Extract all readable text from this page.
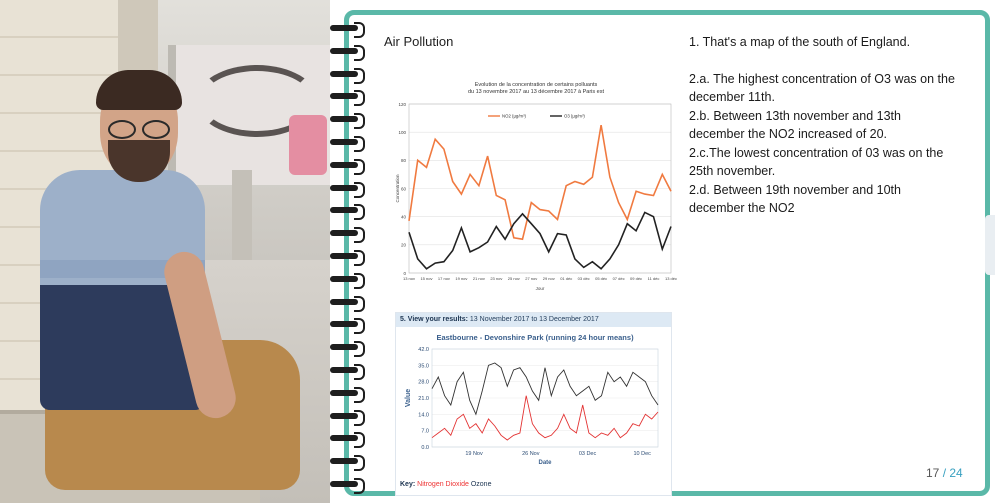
Air Pollution	1. That's a map of the south of England.

2.a. The highest concentration of O3 was on the december 11th.

2.b. Between 13th november and 13th december the NO2 increased of 20.

2.c.The lowest concentration of 03 was on the 25th november.

2.d. Between 19th november and 10th december the NO2

Evolution de la concentration de certains polluants
du 13 novembre 2017 au 13 décembre 2017 à Paris est
0
20
40
60
80
100
120
13 nov 15 nov 17 nov 19 nov 21 nov 23 nov 25 nov 27 nov 29 nov 01 déc 03 déc 05 déc 07 déc 09 déc 11 déc 13 déc
Jour
Concentration
NO2 (µg/m³)	O3 (µg/m³)
5. View your results: 13 November 2017 to 13 December 2017
Eastbourne - Devonshire Park (running 24 hour means)
0.0
7.0
14.0
21.0
28.0
35.0
42.0
19 Nov	26 Nov	03 Dec	10 Dec
Date
Value
Key: Nitrogen Dioxide Ozone
17 / 24
